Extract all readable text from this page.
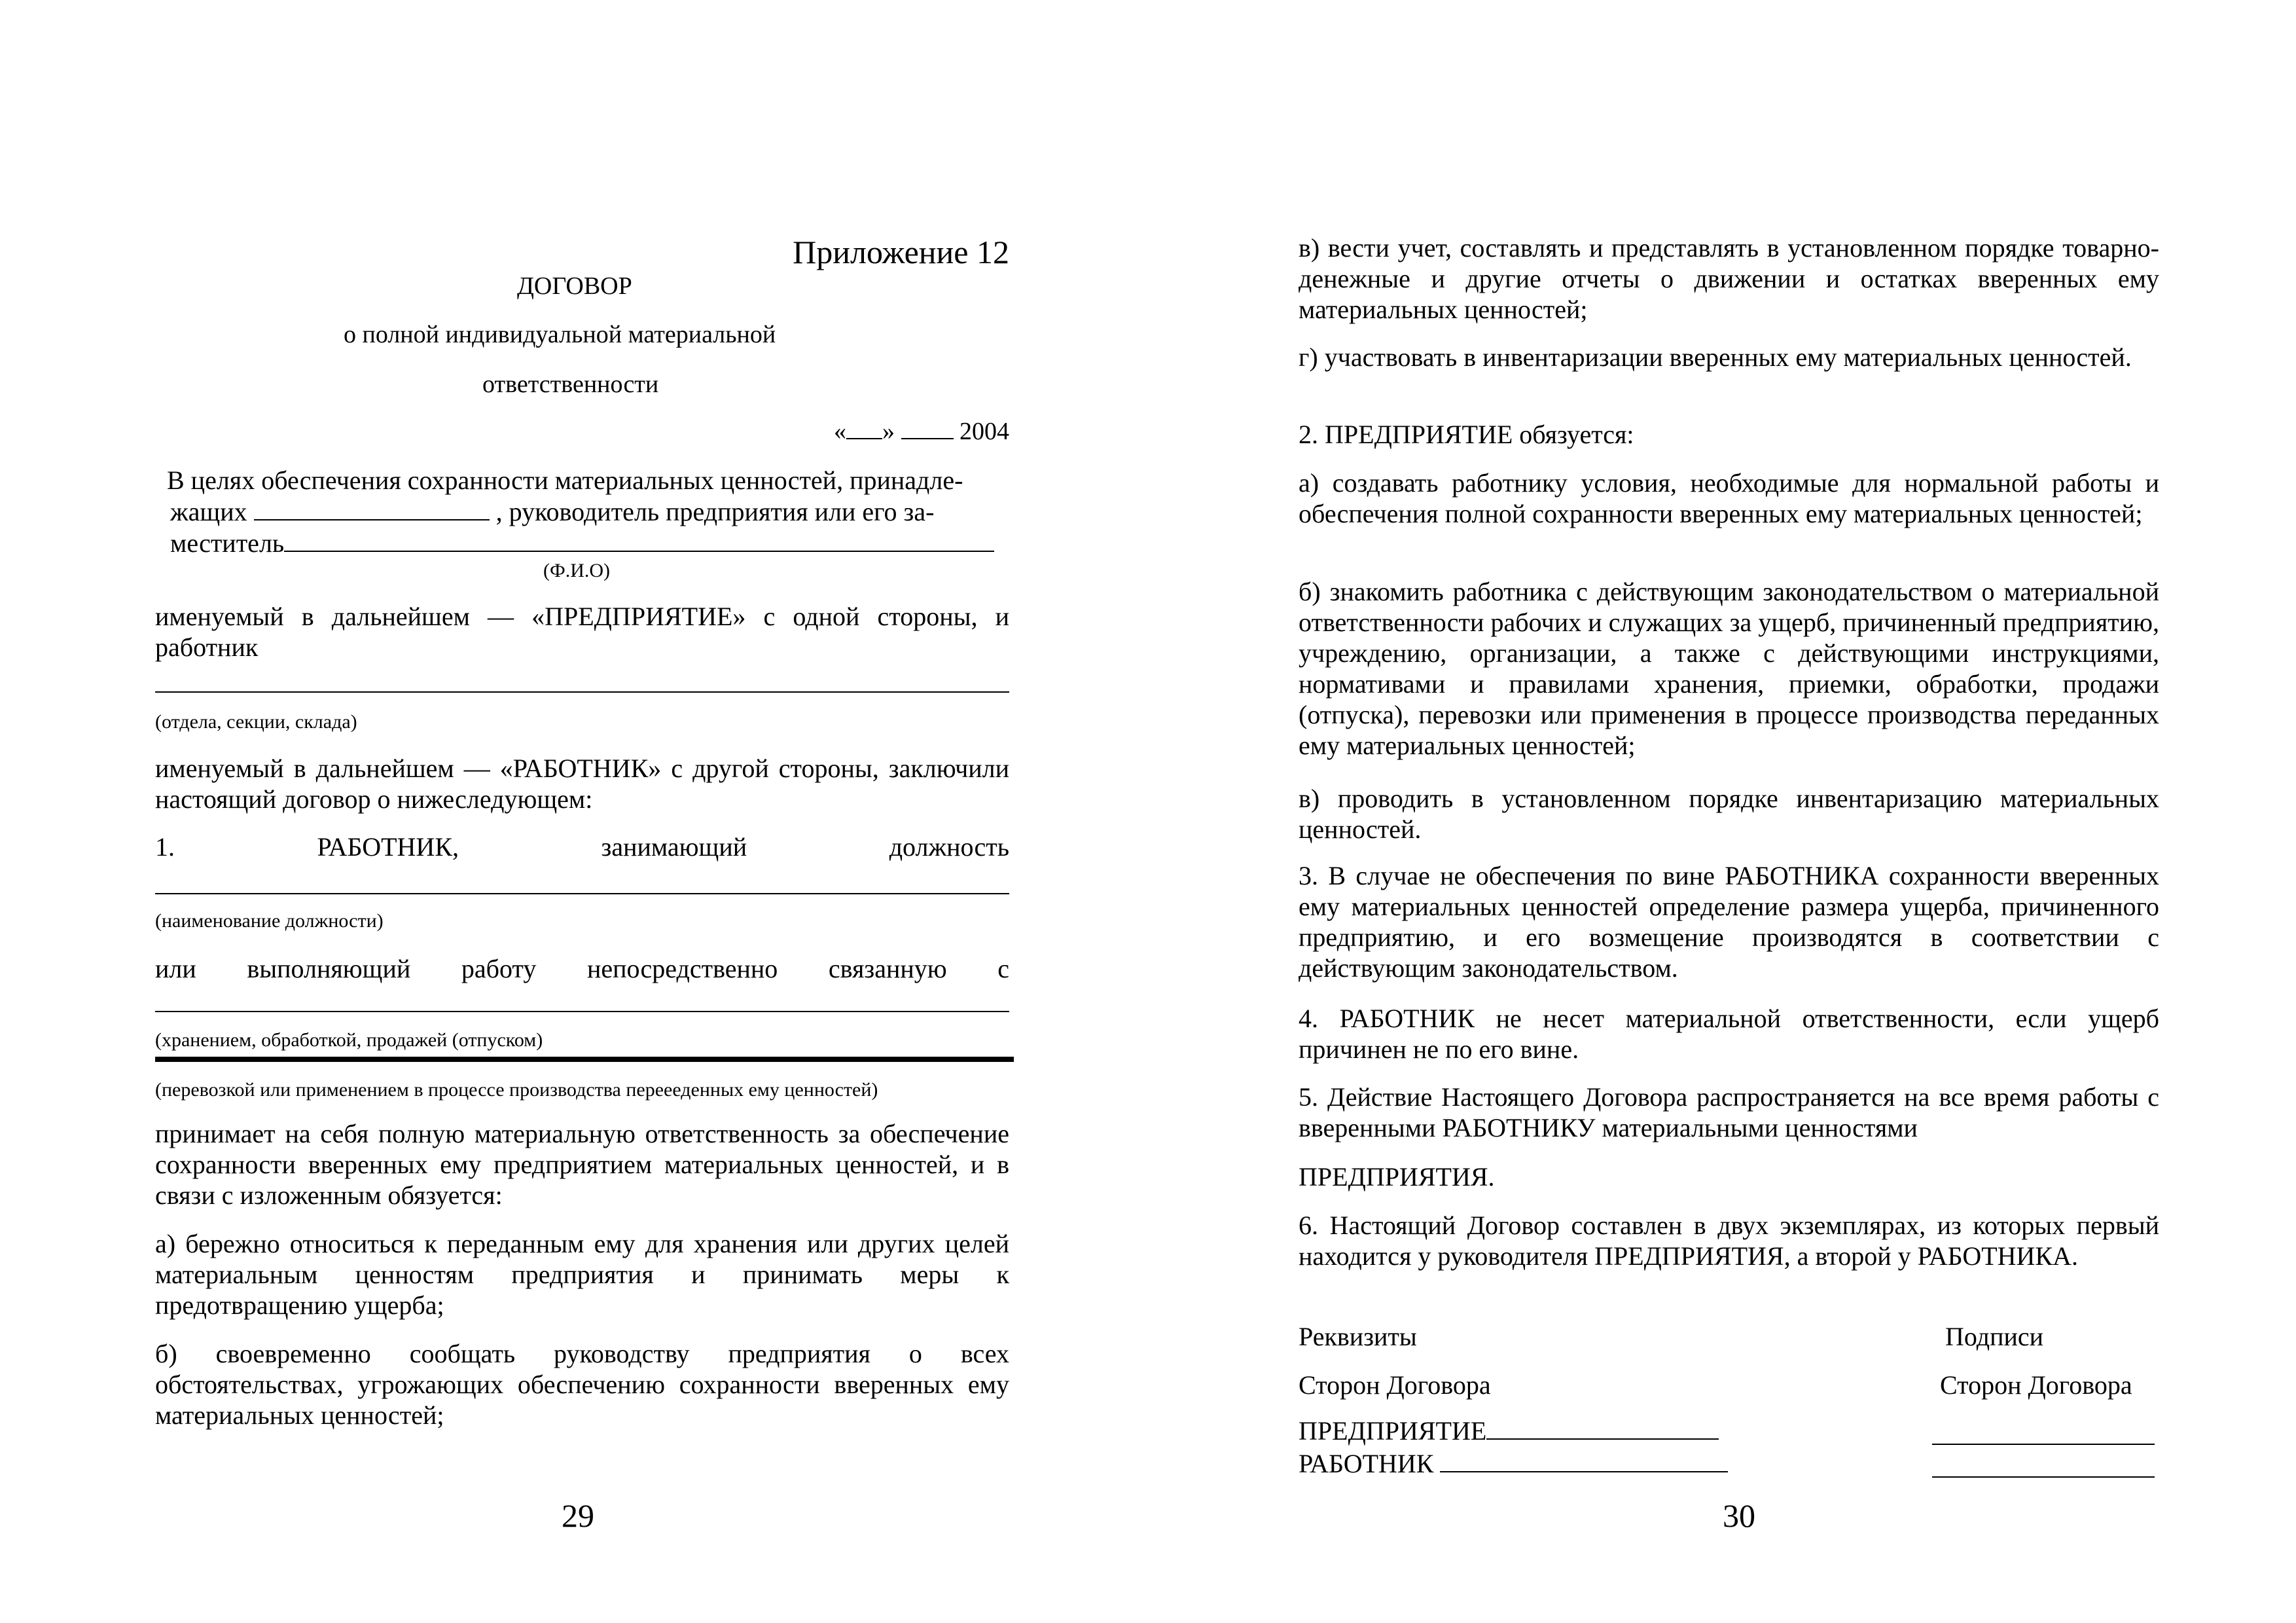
Приложение 12
ДОГОВОР
о полной индивидуальной материальной
ответственности
« »	2004
В целях обеспечения сохранности материальных ценностей, принадле-
жащих	, руководитель предприятия или его за-
меститель
(Ф.И.О)

именуемый в дальнейшем — «ПРЕДПРИЯТИЕ» с одной стороны, и работник

(отдела, секции, склада)

именуемый в дальнейшем — «РАБОТНИК» с другой стороны, заключили настоящий договор о нижеследующем:

1.	РАБОТНИК,	занимающий	должность
(наименование должности)
или выполняющий работу непосредственно связанную с
(хранением, обработкой, продажей (отпуском)
(перевозкой или применением в процессе производства переееденных ему ценностей)

принимает на себя полную материальную ответственность за обеспечение сохранности вверенных ему предприятием материальных ценностей, и в связи с изложенным обязуется:

а) бережно относиться к переданным ему для хранения или других целей материальным ценностям предприятия и принимать меры к предотвращению ущерба;

б) своевременно сообщать руководству предприятия о всех обстоятельствах, угрожающих обеспечению сохранности вверенных ему материальных ценностей;

29

в) вести учет, составлять и представлять в установленном порядке товарно-денежные и другие отчеты о движении и остатках вверенных ему материальных ценностей;

г) участвовать в инвентаризации вверенных ему материальных ценностей.

2. ПРЕДПРИЯТИЕ обязуется:

а) создавать работнику условия, необходимые для нормальной работы и обеспечения полной сохранности вверенных ему материальных ценностей;

б) знакомить работника с действующим законодательством о материальной ответственности рабочих и служащих за ущерб, причиненный предприятию, учреждению, организации, а также с действующими инструкциями, нормативами и правилами хранения, приемки, обработки, продажи (отпуска), перевозки или применения в процессе производства переданных ему материальных ценностей;

в) проводить в установленном порядке инвентаризацию материальных ценностей.

3. В случае не обеспечения по вине РАБОТНИКА сохранности вверенных ему материальных ценностей определение размера ущерба, причиненного предприятию, и его возмещение производятся в соответствии с действующим законодательством.

4. РАБОТНИК не несет материальной ответственности, если ущерб причинен не по его вине.

5. Действие Настоящего Договора распространяется на все время работы с вверенными РАБОТНИКУ материальными ценностями

ПРЕДПРИЯТИЯ.

6. Настоящий Договор составлен в двух экземплярах, из которых первый находится у руководителя ПРЕДПРИЯТИЯ, а второй у РАБОТНИКА.

Реквизиты	Подписи
Сторон Договора	Сторон Договора
ПРЕДПРИЯТИЕ
РАБОТНИК
30
